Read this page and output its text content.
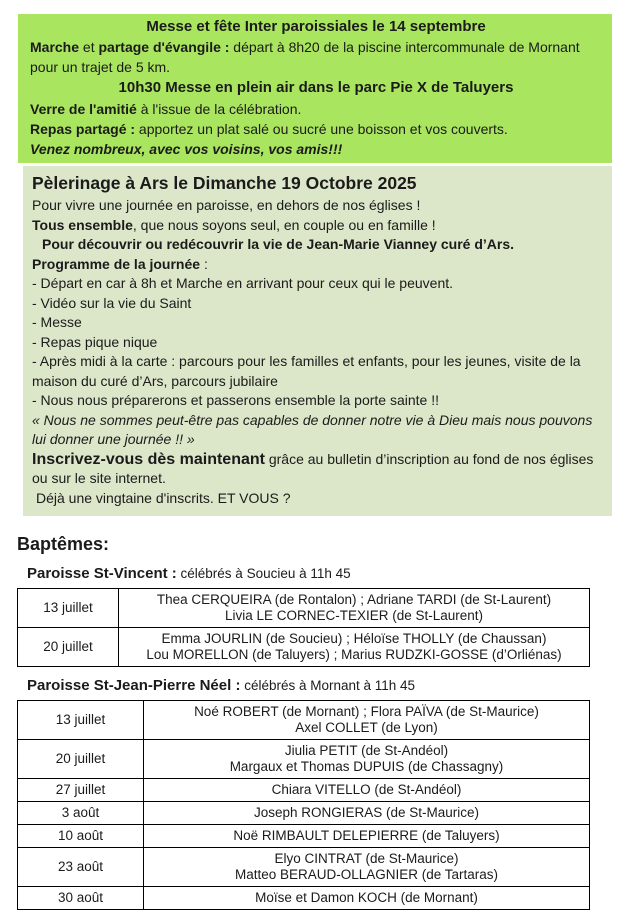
Messe et fête Inter paroissiales le 14 septembre
Marche et partage d'évangile : départ à 8h20 de la piscine intercommunale de Mornant pour un trajet de 5 km.
10h30 Messe en plein air dans le parc Pie X de Taluyers
Verre de l'amitié à l'issue de la célébration.
Repas partagé : apportez un plat salé ou sucré une boisson et vos couverts.
Venez nombreux, avec vos voisins, vos amis!!!
Pèlerinage à Ars le Dimanche 19 Octobre 2025
Pour vivre une journée en paroisse, en dehors de nos églises !
Tous ensemble, que nous soyons seul, en couple ou en famille !
Pour découvrir ou redécouvrir la vie de Jean-Marie Vianney curé d’Ars.
Programme de la journée :
- Départ en car à 8h et Marche en arrivant pour ceux qui le peuvent.
- Vidéo sur la vie du Saint
- Messe
- Repas pique nique
- Après midi à la carte : parcours pour les familles et enfants, pour les jeunes, visite de la maison du curé d’Ars, parcours jubilaire
- Nous nous préparerons et passerons ensemble la porte sainte !!
« Nous ne sommes peut-être pas capables de donner notre vie à Dieu mais nous pouvons lui donner une journée !! »
Inscrivez-vous dès maintenant grâce au bulletin d’inscription au fond de nos églises ou sur le site internet.
Déjà une vingtaine d'inscrits. ET VOUS ?
Baptêmes:
Paroisse St-Vincent : célébrés à Soucieu à 11h 45
13 juillet	Thea CERQUEIRA (de Rontalon) ; Adriane TARDI (de St-Laurent)
Livia LE CORNEC-TEXIER (de St-Laurent)

20 juillet	Emma JOURLIN (de Soucieu) ; Héloïse THOLLY (de Chaussan)
Lou MORELLON (de Taluyers) ; Marius RUDZKI-GOSSE (d’Orliénas)
Paroisse St-Jean-Pierre Néel : célébrés à Mornant à 11h 45
13 juillet	Noé ROBERT (de Mornant) ; Flora PAÏVA (de St-Maurice)
Axel COLLET (de Lyon)

20 juillet	Jiulia PETIT (de St-Andéol)
Margaux et Thomas DUPUIS (de Chassagny)

27 juillet	Chiara VITELLO (de St-Andéol)

3 août	Joseph RONGIERAS (de St-Maurice)

10 août	Noë RIMBAULT DELEPIERRE (de Taluyers)

23 août	Elyo CINTRAT (de St-Maurice)
Matteo BERAUD-OLLAGNIER (de Tartaras)

30 août	Moïse et Damon KOCH (de Mornant)
